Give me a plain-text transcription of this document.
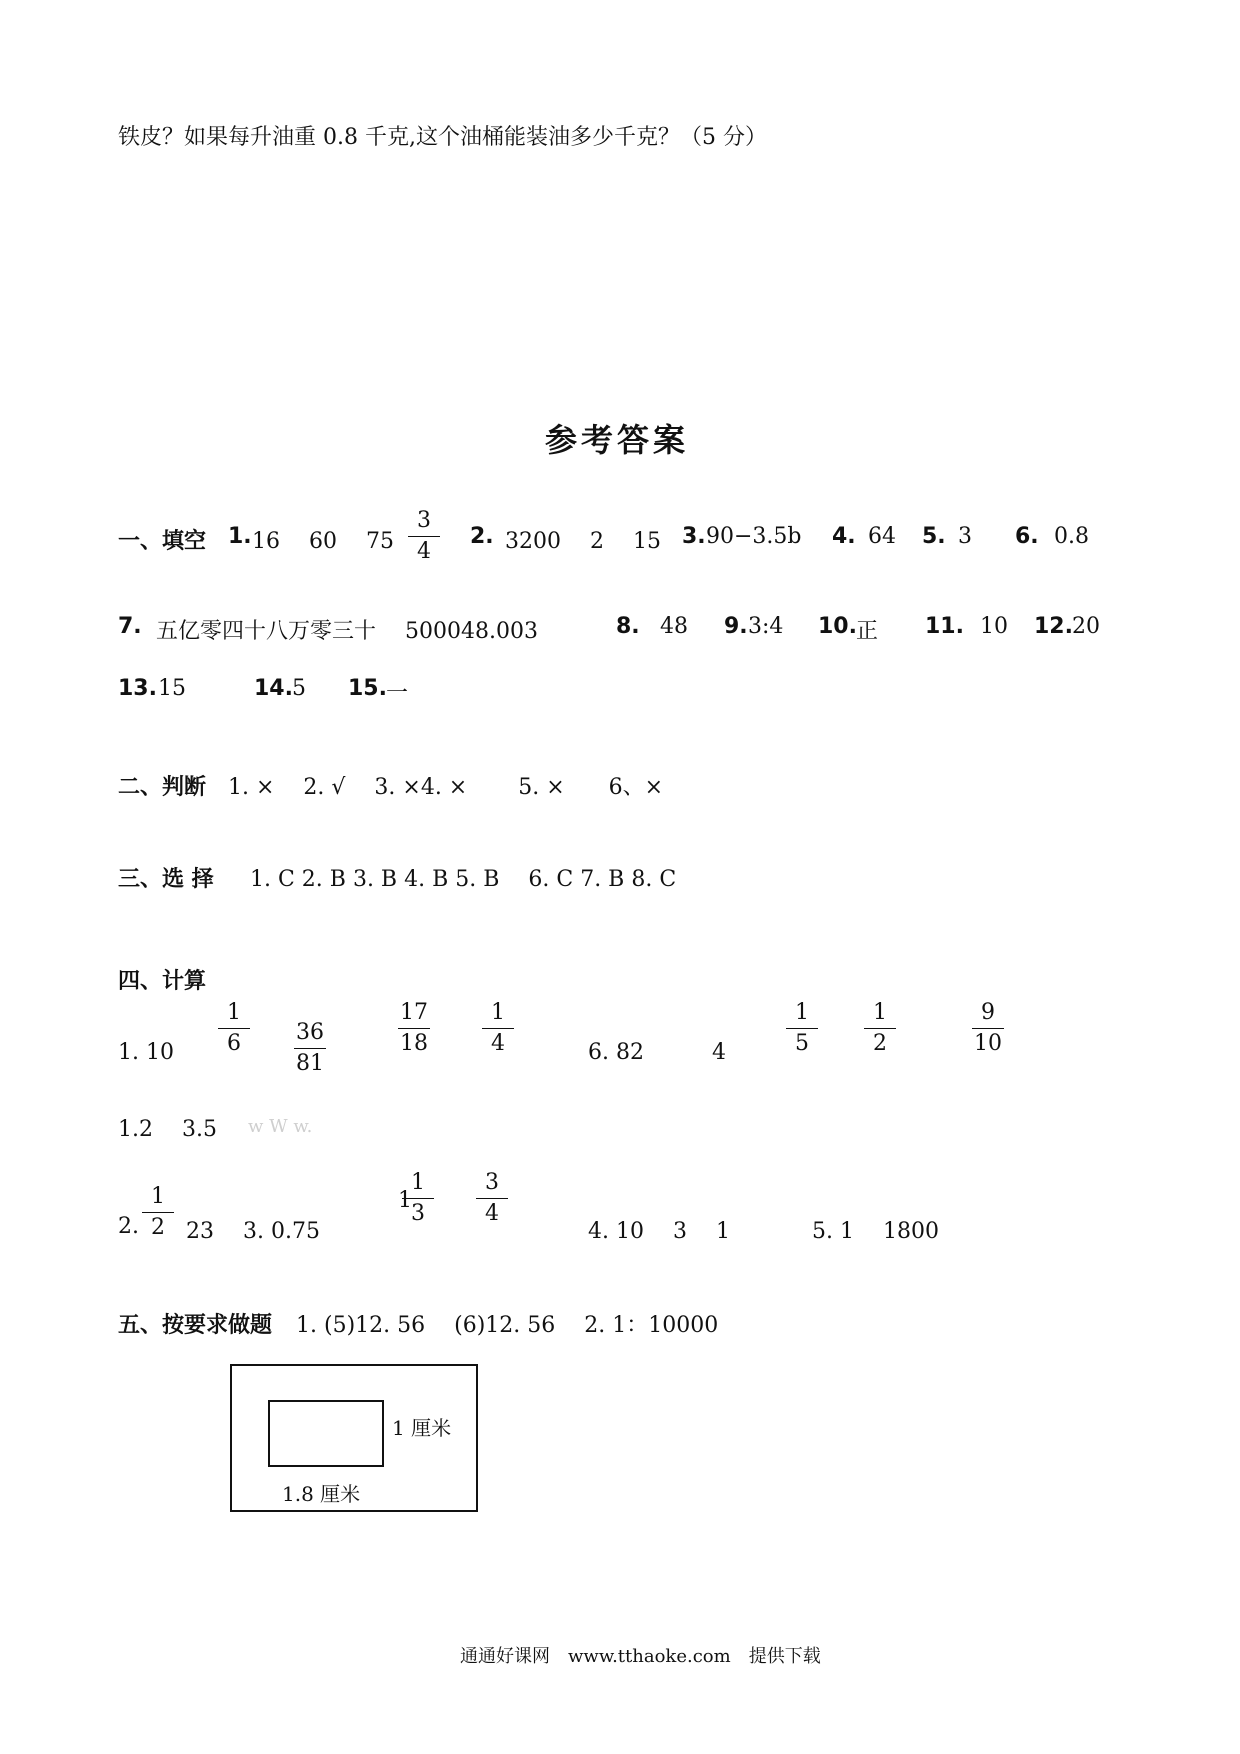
铁皮？如果每升油重 0.8 千克,这个油桶能装油多少千克？（5 分）
参考答案
一、填空 1. 16　 60　 75
3
4
2. 3200　 2　 15 3. 90−3.5b 4. 64 5. 3 6. 0.8
7. 五亿零四十八万零三十　 500048.003	8. 48 9. 3:4 10. 正 11. 10 12. 20
13. 15	14. 5 15. 一
二、判断 1. ×　 2. √　 3. ×4. ×　　 5. ×　　6、×
三、选 择 1. C 2. B 3. B 4. B 5. B　 6. C 7. B 8. C
四、计算
1. 10
1
6	36
81
17
18
1
4	6. 82	4
1
5
1
2
9
10
1.2　 3.5 w W w.
2.
1
2 23　 3. 0.75
1
1
3
3
4
4. 10　 3　 1	5. 1　 1800
五、按要求做题 1. (5)12. 56　 (6)12. 56　 2. 1：10000
1 厘米
1.8 厘米
通通好课网　www.tthaoke.com　提供下载
